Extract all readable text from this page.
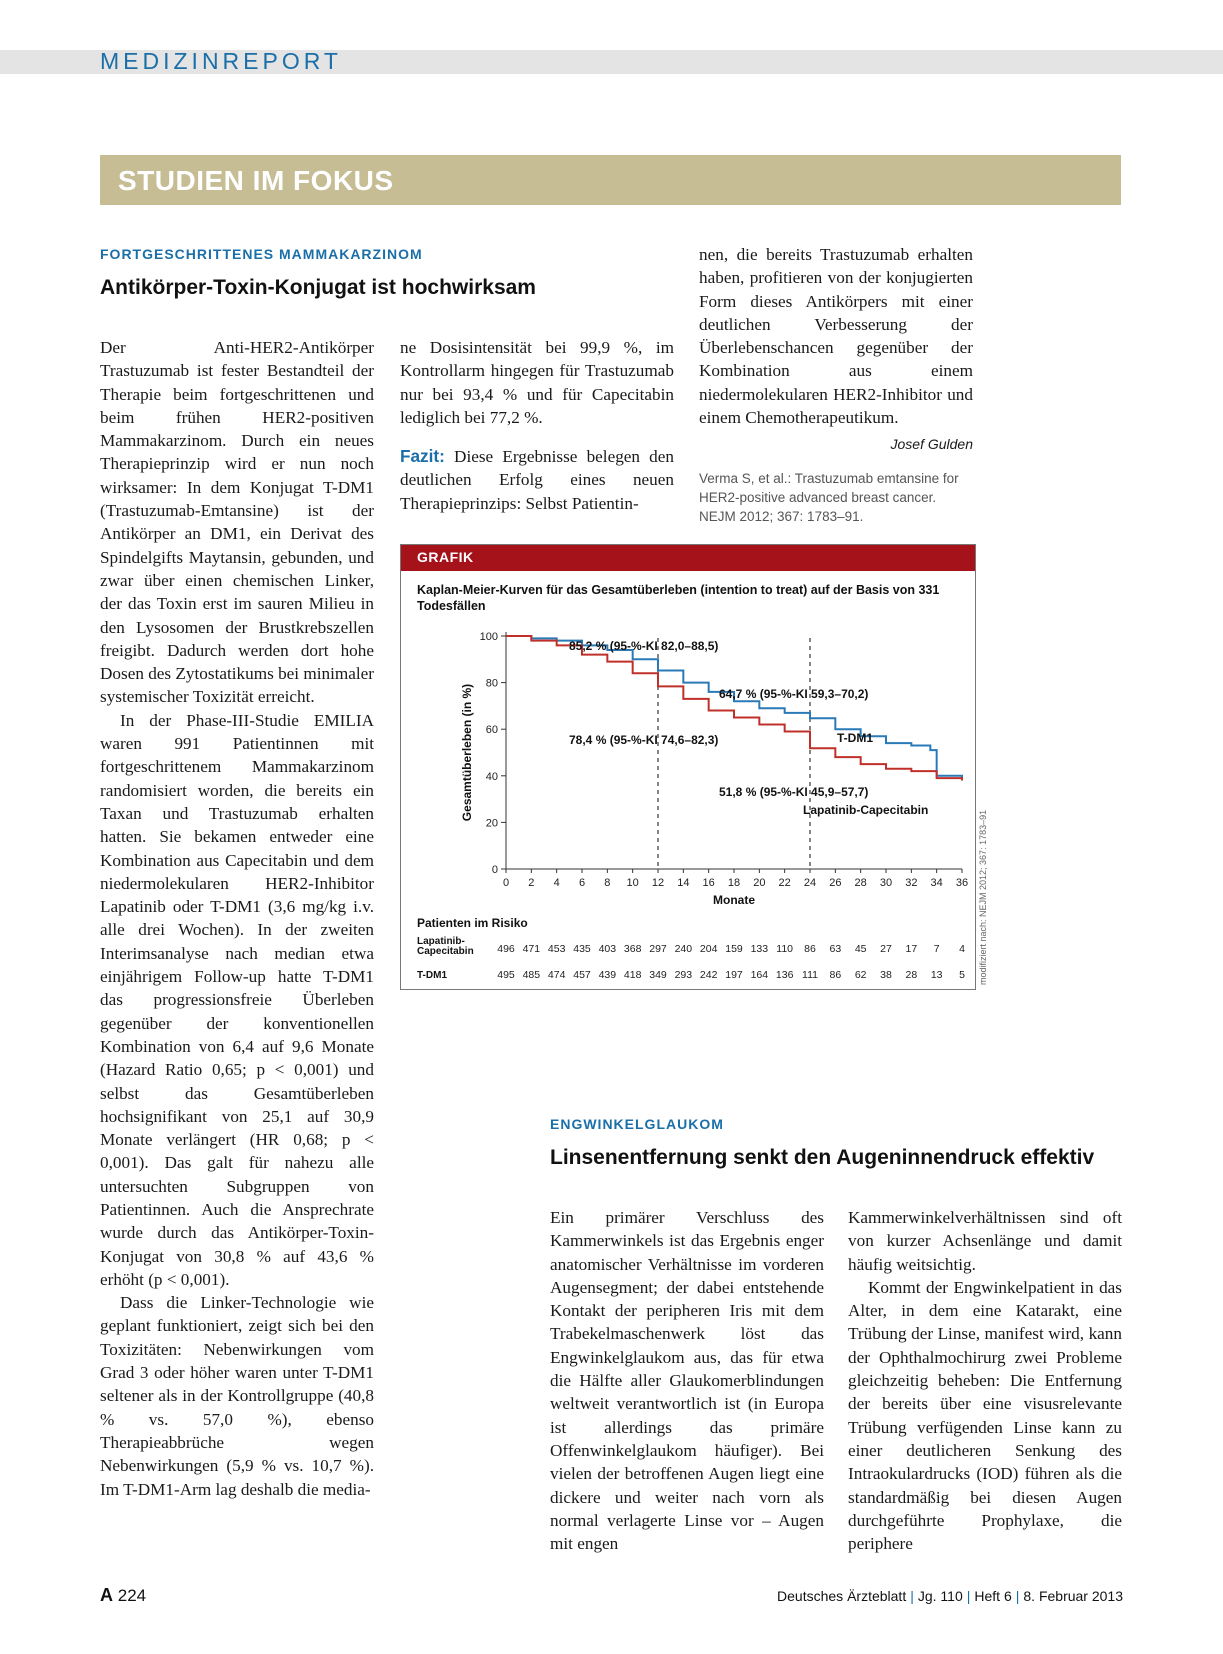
MEDIZINREPORT
STUDIEN IM FOKUS
FORTGESCHRITTENES MAMMAKARZINOM
Antikörper-Toxin-Konjugat ist hochwirksam

Der Anti-HER2-Antikörper Trastuzumab ist fester Bestandteil der Therapie beim fortgeschrittenen und beim frühen HER2-positiven Mammakarzinom. Durch ein neues Therapieprinzip wird er nun noch wirksamer: In dem Konjugat T-DM1 (Trastuzumab-Emtansine) ist der Antikörper an DM1, ein Derivat des Spindelgifts Maytansin, gebunden, und zwar über einen chemischen Linker, der das Toxin erst im sauren Milieu in den Lysosomen der Brustkrebszellen freigibt. Dadurch werden dort hohe Dosen des Zytostatikums bei minimaler systemischer Toxizität erreicht.

In der Phase-III-Studie EMILIA waren 991 Patientinnen mit fortgeschrittenem Mammakarzinom randomisiert worden, die bereits ein Taxan und Trastuzumab erhalten hatten. Sie bekamen entweder eine Kombination aus Capecitabin und dem niedermolekularen HER2-Inhibitor Lapatinib oder T-DM1 (3,6 mg/kg i.v. alle drei Wochen). In der zweiten Interimsanalyse nach median etwa einjährigem Follow-up hatte T-DM1 das progressionsfreie Überleben gegenüber der konventionellen Kombination von 6,4 auf 9,6 Monate (Hazard Ratio 0,65; p < 0,001) und selbst das Gesamtüberleben hochsignifikant von 25,1 auf 30,9 Monate verlängert (HR 0,68; p < 0,001). Das galt für nahezu alle untersuchten Subgruppen von Patientinnen. Auch die Ansprechrate wurde durch das Antikörper-Toxin-Konjugat von 30,8 % auf 43,6 % erhöht (p < 0,001).

Dass die Linker-Technologie wie geplant funktioniert, zeigt sich bei den Toxizitäten: Nebenwirkungen vom Grad 3 oder höher waren unter T-DM1 seltener als in der Kontrollgruppe (40,8 % vs. 57,0 %), ebenso Therapieabbrüche wegen Nebenwirkungen (5,9 % vs. 10,7 %). Im T-DM1-Arm lag deshalb die media-

ne Dosisintensität bei 99,9 %, im Kontrollarm hingegen für Trastuzumab nur bei 93,4 % und für Capecitabin lediglich bei 77,2 %.

Fazit: Diese Ergebnisse belegen den deutlichen Erfolg eines neuen Therapieprinzips: Selbst Patientin-

nen, die bereits Trastuzumab erhalten haben, profitieren von der konjugierten Form dieses Antikörpers mit einer deutlichen Verbesserung der Überlebenschancen gegenüber der Kombination aus einem niedermolekularen HER2-Inhibitor und einem Chemotherapeutikum.

Josef Gulden
Verma S, et al.: Trastuzumab emtansine for HER2-positive advanced breast cancer. NEJM 2012; 367: 1783–91.
GRAFIK
Kaplan-Meier-Kurven für das Gesamtüberleben (intention to treat) auf der Basis von 331 Todesfällen
0
20
40
60
80
100
0 2 4 6 8 10 12 14 16 18 20 22 24 26 28 30 32 34 36
Monate
Gesamtüberleben (in %)
85,2 % (95-%-KI 82,0–88,5)
64,7 % (95-%-KI 59,3–70,2)
78,4 % (95-%-KI 74,6–82,3)
51,8 % (95-%-KI 45,9–57,7)
T-DM1
Lapatinib-Capecitabin
Patienten im Risiko
Lapatinib-
Capecitabin 496 471 453 435 403 368 297 240 204 159 133 110 86 63 45 27 17 7 4
T-DM1	495 485 474 457 439 418 349 293 242 197 164 136 111 86 62 38 28 13 5 modifiziert nach: NEJM 2012; 367: 1783–91
ENGWINKELGLAUKOM
Linsenentfernung senkt den Augeninnendruck effektiv

Ein primärer Verschluss des Kammerwinkels ist das Ergebnis enger anatomischer Verhältnisse im vorderen Augensegment; der dabei entstehende Kontakt der peripheren Iris mit dem Trabekelmaschenwerk löst das Engwinkelglaukom aus, das für etwa die Hälfte aller Glaukomerblindungen weltweit verantwortlich ist (in Europa ist allerdings das primäre Offenwinkelglaukom häufiger). Bei vielen der betroffenen Augen liegt eine dickere und weiter nach vorn als normal verlagerte Linse vor – Augen mit engen

Kammerwinkelverhältnissen sind oft von kurzer Achsenlänge und damit häufig weitsichtig.

Kommt der Engwinkelpatient in das Alter, in dem eine Katarakt, eine Trübung der Linse, manifest wird, kann der Ophthalmochirurg zwei Probleme gleichzeitig beheben: Die Entfernung der bereits über eine visusrelevante Trübung verfügenden Linse kann zu einer deutlicheren Senkung des Intraokulardrucks (IOD) führen als die standardmäßig bei diesen Augen durchgeführte Prophylaxe, die periphere

A 224	Deutsches Ärzteblatt | Jg. 110 | Heft 6 | 8. Februar 2013
